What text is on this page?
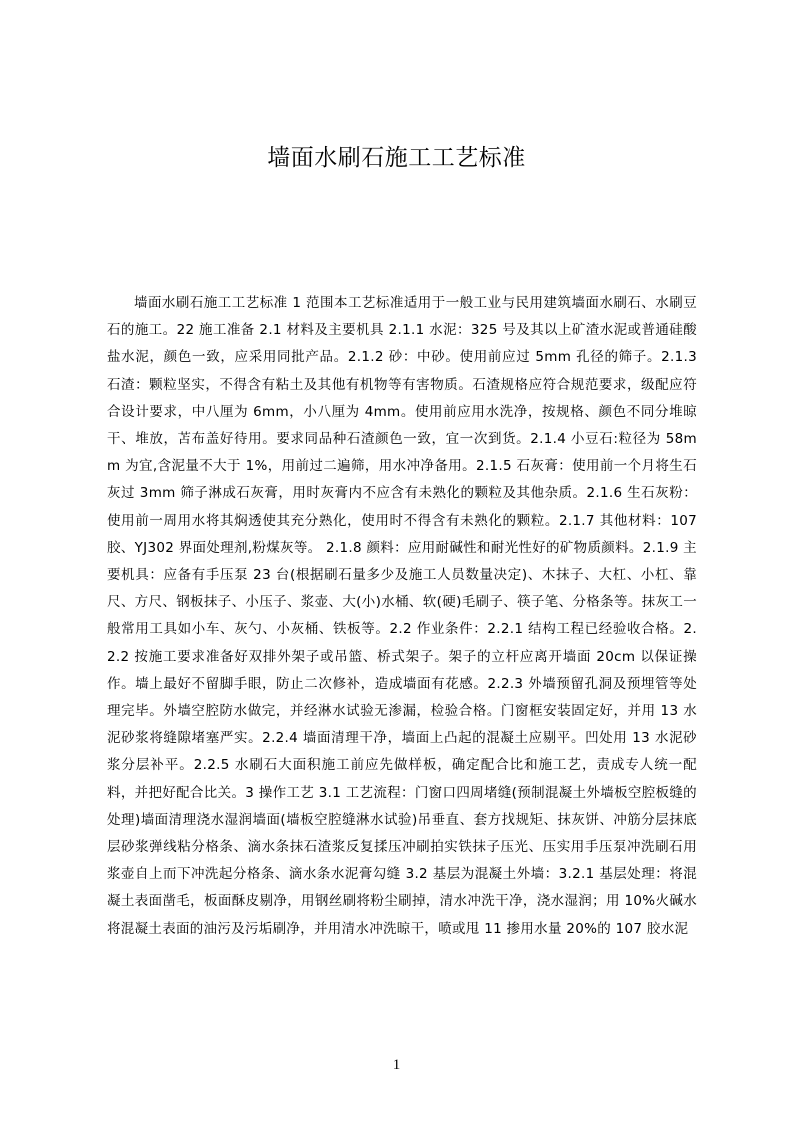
墙面水刷石施工工艺标准

墙面水刷石施工工艺标准 1 范围本工艺标准适用于一般工业与民用建筑墙面水刷石、水刷豆石的施工。22 施工准备 2.1 材料及主要机具 2.1.1 水泥：325 号及其以上矿渣水泥或普通硅酸盐水泥，颜色一致，应采用同批产品。2.1.2 砂：中砂。使用前应过 5mm 孔径的筛子。2.1.3 石渣：颗粒坚实，不得含有粘土及其他有机物等有害物质。石渣规格应符合规范要求，级配应符合设计要求，中八厘为 6mm，小八厘为 4mm。使用前应用水洗净，按规格、颜色不同分堆晾干、堆放，苫布盖好待用。要求同品种石渣颜色一致，宜一次到货。2.1.4 小豆石:粒径为 58mm 为宜,含泥量不大于 1%，用前过二遍筛，用水冲净备用。2.1.5 石灰膏：使用前一个月将生石灰过 3mm 筛子淋成石灰膏，用时灰膏内不应含有未熟化的颗粒及其他杂质。2.1.6 生石灰粉：使用前一周用水将其焖透使其充分熟化，使用时不得含有未熟化的颗粒。2.1.7 其他材料：107 胶、YJ302 界面处理剂,粉煤灰等。 2.1.8 颜料：应用耐碱性和耐光性好的矿物质颜料。2.1.9 主要机具：应备有手压泵 23 台(根据刷石量多少及施工人员数量决定)、木抹子、大杠、小杠、靠尺、方尺、钢板抹子、小压子、浆壶、大(小)水桶、软(硬)毛刷子、筷子笔、分格条等。抹灰工一般常用工具如小车、灰勺、小灰桶、铁板等。2.2 作业条件：2.2.1 结构工程已经验收合格。2.2.2 按施工要求准备好双排外架子或吊篮、桥式架子。架子的立杆应离开墙面 20cm 以保证操作。墙上最好不留脚手眼，防止二次修补，造成墙面有花感。2.2.3 外墙预留孔洞及预埋管等处理完毕。外墙空腔防水做完，并经淋水试验无渗漏，检验合格。门窗框安装固定好，并用 13 水泥砂浆将缝隙堵塞严实。2.2.4 墙面清理干净，墙面上凸起的混凝土应剔平。凹处用 13 水泥砂浆分层补平。2.2.5 水刷石大面积施工前应先做样板，确定配合比和施工艺，责成专人统一配料，并把好配合比关。3 操作工艺 3.1 工艺流程：门窗口四周堵缝(预制混凝土外墙板空腔板缝的处理)墙面清理浇水湿润墙面(墙板空腔缝淋水试验)吊垂直、套方找规矩、抹灰饼、冲筋分层抹底层砂浆弹线粘分格条、滴水条抹石渣浆反复揉压冲刷拍实铁抹子压光、压实用手压泵冲洗刷石用浆壶自上而下冲洗起分格条、滴水条水泥膏勾缝 3.2 基层为混凝土外墙：3.2.1 基层处理：将混凝土表面凿毛，板面酥皮剔净，用钢丝刷将粉尘刷掉，清水冲洗干净，浇水湿润；用 10%火碱水将混凝土表面的油污及污垢刷净，并用清水冲洗晾干，喷或甩 11 掺用水量 20%的 107 胶水泥

1
